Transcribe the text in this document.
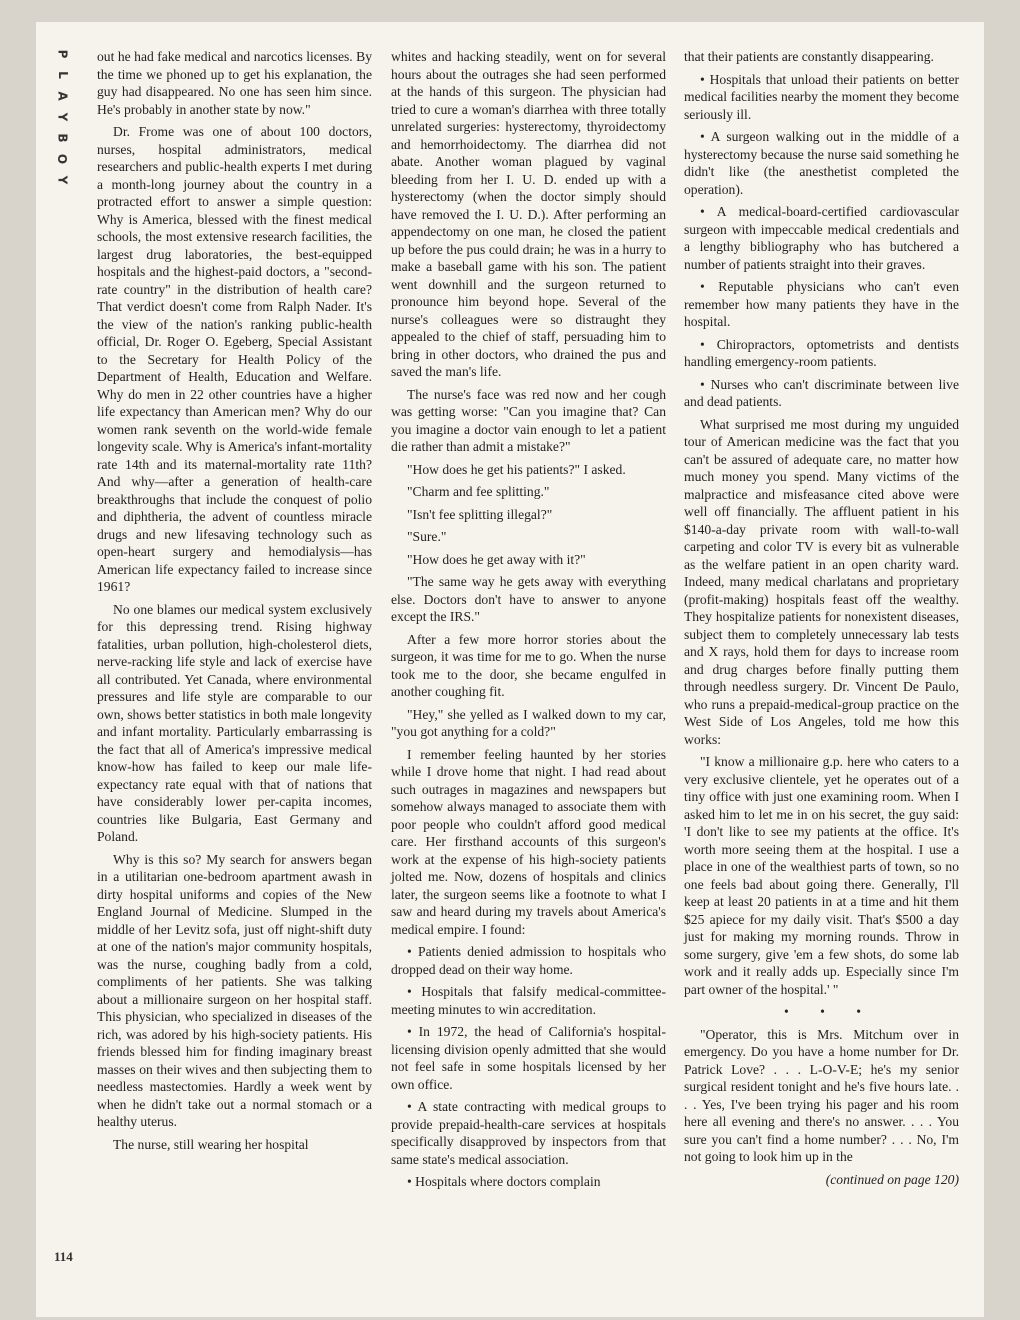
P
L
A
Y
B
O
Y

out he had fake medical and narcotics licenses. By the time we phoned up to get his explanation, the guy had disappeared. No one has seen him since. He's probably in another state by now."

Dr. Frome was one of about 100 doctors, nurses, hospital administrators, medical researchers and public-health experts I met during a month-long journey about the country in a protracted effort to answer a simple question: Why is America, blessed with the finest medical schools, the most extensive research facilities, the largest drug laboratories, the best-equipped hospitals and the highest-paid doctors, a "second-rate country" in the distribution of health care? That verdict doesn't come from Ralph Nader. It's the view of the nation's ranking public-health official, Dr. Roger O. Egeberg, Special Assistant to the Secretary for Health Policy of the Department of Health, Education and Welfare. Why do men in 22 other countries have a higher life expectancy than American men? Why do our women rank seventh on the world-wide female longevity scale. Why is America's infant-mortality rate 14th and its maternal-mortality rate 11th? And why—after a generation of health-care breakthroughs that include the conquest of polio and diphtheria, the advent of countless miracle drugs and new lifesaving technology such as open-heart surgery and hemodialysis—has American life expectancy failed to increase since 1961?

No one blames our medical system exclusively for this depressing trend. Rising highway fatalities, urban pollution, high-cholesterol diets, nerve-racking life style and lack of exercise have all contributed. Yet Canada, where environmental pressures and life style are comparable to our own, shows better statistics in both male longevity and infant mortality. Particularly embarrassing is the fact that all of America's impressive medical know-how has failed to keep our male life-expectancy rate equal with that of nations that have considerably lower per-capita incomes, countries like Bulgaria, East Germany and Poland.

Why is this so? My search for answers began in a utilitarian one-bedroom apartment awash in dirty hospital uniforms and copies of the New England Journal of Medicine. Slumped in the middle of her Levitz sofa, just off night-shift duty at one of the nation's major community hospitals, was the nurse, coughing badly from a cold, compliments of her patients. She was talking about a millionaire surgeon on her hospital staff. This physician, who specialized in diseases of the rich, was adored by his high-society patients. His friends blessed him for finding imaginary breast masses on their wives and then subjecting them to needless mastectomies. Hardly a week went by when he didn't take out a normal stomach or a healthy uterus.

The nurse, still wearing her hospital

whites and hacking steadily, went on for several hours about the outrages she had seen performed at the hands of this surgeon. The physician had tried to cure a woman's diarrhea with three totally unrelated surgeries: hysterectomy, thyroidectomy and hemorrhoidectomy. The diarrhea did not abate. Another woman plagued by vaginal bleeding from her I. U. D. ended up with a hysterectomy (when the doctor simply should have removed the I. U. D.). After performing an appendectomy on one man, he closed the patient up before the pus could drain; he was in a hurry to make a baseball game with his son. The patient went downhill and the surgeon returned to pronounce him beyond hope. Several of the nurse's colleagues were so distraught they appealed to the chief of staff, persuading him to bring in other doctors, who drained the pus and saved the man's life.

The nurse's face was red now and her cough was getting worse: "Can you imagine that? Can you imagine a doctor vain enough to let a patient die rather than admit a mistake?"

"How does he get his patients?" I asked.

"Charm and fee splitting."

"Isn't fee splitting illegal?"

"Sure."

"How does he get away with it?"

"The same way he gets away with everything else. Doctors don't have to answer to anyone except the IRS."

After a few more horror stories about the surgeon, it was time for me to go. When the nurse took me to the door, she became engulfed in another coughing fit.

"Hey," she yelled as I walked down to my car, "you got anything for a cold?"

I remember feeling haunted by her stories while I drove home that night. I had read about such outrages in magazines and newspapers but somehow always managed to associate them with poor people who couldn't afford good medical care. Her firsthand accounts of this surgeon's work at the expense of his high-society patients jolted me. Now, dozens of hospitals and clinics later, the surgeon seems like a footnote to what I saw and heard during my travels about America's medical empire. I found:

• Patients denied admission to hospitals who dropped dead on their way home.

• Hospitals that falsify medical-committee-meeting minutes to win accreditation.

• In 1972, the head of California's hospital-licensing division openly admitted that she would not feel safe in some hospitals licensed by her own office.

• A state contracting with medical groups to provide prepaid-health-care services at hospitals specifically disapproved by inspectors from that same state's medical association.

• Hospitals where doctors complain

that their patients are constantly disappearing.

• Hospitals that unload their patients on better medical facilities nearby the moment they become seriously ill.

• A surgeon walking out in the middle of a hysterectomy because the nurse said something he didn't like (the anesthetist completed the operation).

• A medical-board-certified cardiovascular surgeon with impeccable medical credentials and a lengthy bibliography who has butchered a number of patients straight into their graves.

• Reputable physicians who can't even remember how many patients they have in the hospital.

• Chiropractors, optometrists and dentists handling emergency-room patients.

• Nurses who can't discriminate between live and dead patients.

What surprised me most during my unguided tour of American medicine was the fact that you can't be assured of adequate care, no matter how much money you spend. Many victims of the malpractice and misfeasance cited above were well off financially. The affluent patient in his $140-a-day private room with wall-to-wall carpeting and color TV is every bit as vulnerable as the welfare patient in an open charity ward. Indeed, many medical charlatans and proprietary (profit-making) hospitals feast off the wealthy. They hospitalize patients for nonexistent diseases, subject them to completely unnecessary lab tests and X rays, hold them for days to increase room and drug charges before finally putting them through needless surgery. Dr. Vincent De Paulo, who runs a prepaid-medical-group practice on the West Side of Los Angeles, told me how this works:

"I know a millionaire g.p. here who caters to a very exclusive clientele, yet he operates out of a tiny office with just one examining room. When I asked him to let me in on his secret, the guy said: 'I don't like to see my patients at the office. It's worth more seeing them at the hospital. I use a place in one of the wealthiest parts of town, so no one feels bad about going there. Generally, I'll keep at least 20 patients in at a time and hit them $25 apiece for my daily visit. That's $500 a day just for making my morning rounds. Throw in some surgery, give 'em a few shots, do some lab work and it really adds up. Especially since I'm part owner of the hospital.' "

• • •

"Operator, this is Mrs. Mitchum over in emergency. Do you have a home number for Dr. Patrick Love? . . . L-O-V-E; he's my senior surgical resident tonight and he's five hours late. . . . Yes, I've been trying his pager and his room here all evening and there's no answer. . . . You sure you can't find a home number? . . . No, I'm not going to look him up in the

(continued on page 120)

114
